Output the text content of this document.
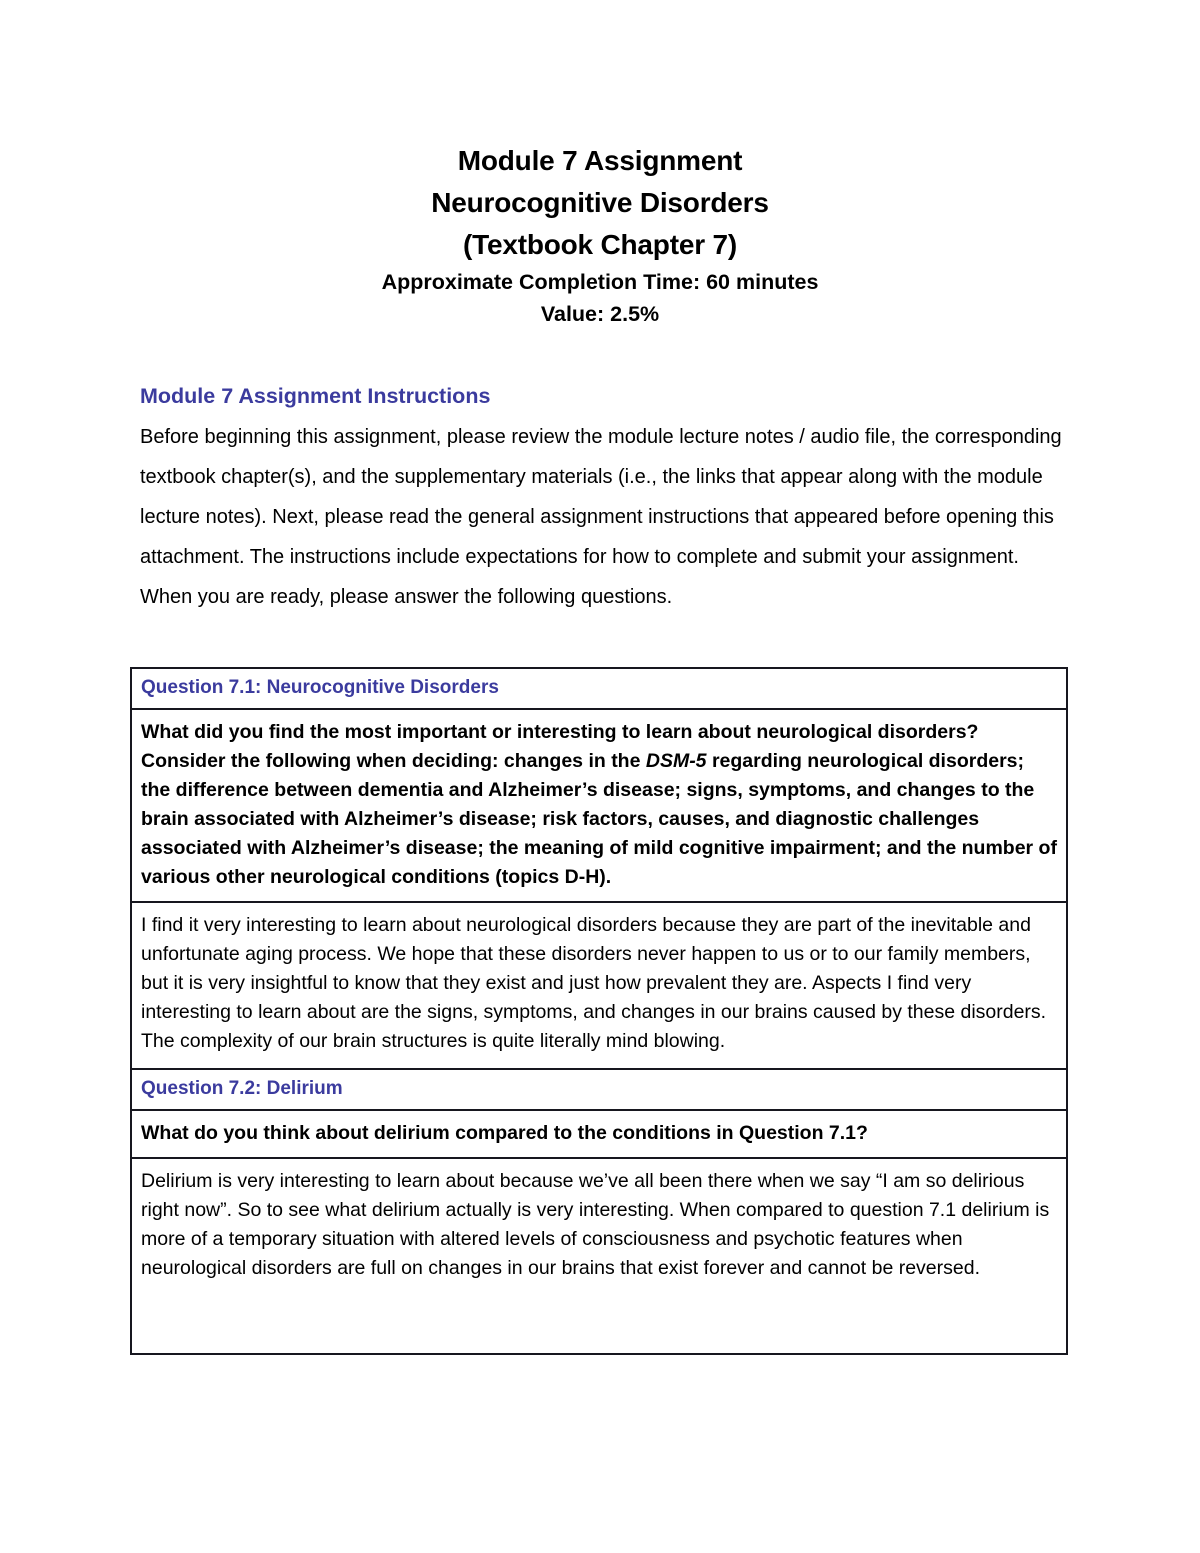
Module 7 Assignment
Neurocognitive Disorders
(Textbook Chapter 7)
Approximate Completion Time: 60 minutes
Value: 2.5%
Module 7 Assignment Instructions
Before beginning this assignment, please review the module lecture notes / audio file, the corresponding textbook chapter(s), and the supplementary materials (i.e., the links that appear along with the module lecture notes). Next, please read the general assignment instructions that appeared before opening this attachment. The instructions include expectations for how to complete and submit your assignment. When you are ready, please answer the following questions.
Question 7.1: Neurocognitive Disorders
What did you find the most important or interesting to learn about neurological disorders? Consider the following when deciding: changes in the DSM-5 regarding neurological disorders; the difference between dementia and Alzheimer’s disease; signs, symptoms, and changes to the brain associated with Alzheimer’s disease; risk factors, causes, and diagnostic challenges associated with Alzheimer’s disease; the meaning of mild cognitive impairment; and the number of various other neurological conditions (topics D-H).
I find it very interesting to learn about neurological disorders because they are part of the inevitable and unfortunate aging process. We hope that these disorders never happen to us or to our family members, but it is very insightful to know that they exist and just how prevalent they are. Aspects I find very interesting to learn about are the signs, symptoms, and changes in our brains caused by these disorders. The complexity of our brain structures is quite literally mind blowing.
Question 7.2: Delirium
What do you think about delirium compared to the conditions in Question 7.1?
Delirium is very interesting to learn about because we’ve all been there when we say “I am so delirious right now”. So to see what delirium actually is very interesting. When compared to question 7.1 delirium is more of a temporary situation with altered levels of consciousness and psychotic features when neurological disorders are full on changes in our brains that exist forever and cannot be reversed.
